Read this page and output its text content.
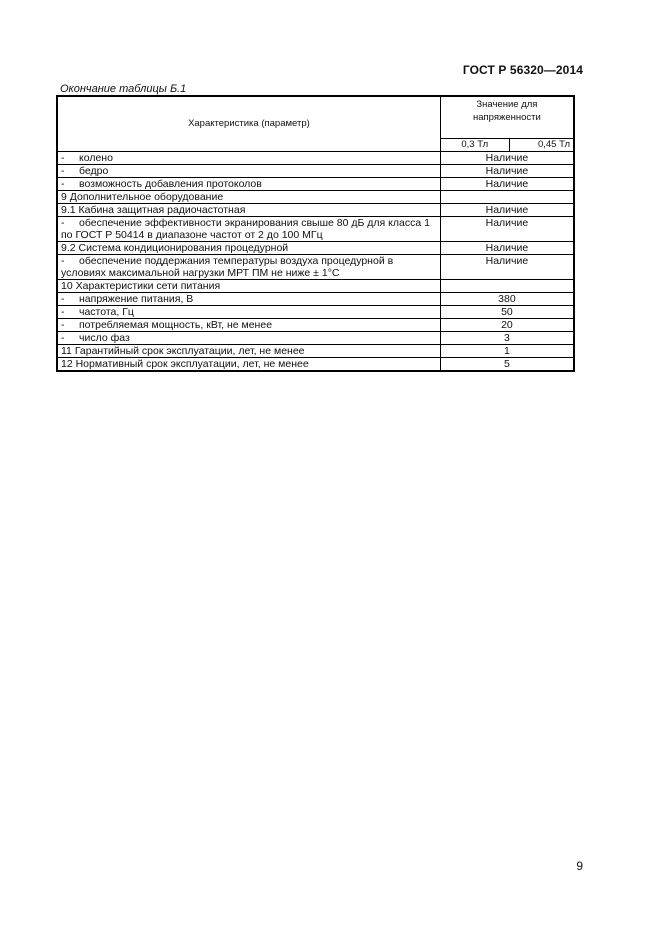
ГОСТ Р 56320—2014
Окончание таблицы Б.1
Характеристика (параметр)	Значение для напряженности	
	0,3 Тл	0,45 Тл
- колено	Наличие	
- бедро	Наличие	
- возможность добавления протоколов	Наличие	
9 Дополнительное оборудование		
9.1 Кабина защитная радиочастотная	Наличие	
- обеспечение эффективности экранирования свыше 80 дБ для класса 1 по ГОСТ Р 50414 в диапазоне частот от 2 до 100 МГц	Наличие	
9.2 Система кондиционирования процедурной	Наличие	
- обеспечение поддержания температуры воздуха процедурной в условиях максимальной нагрузки МРТ ПМ не ниже ± 1°С	Наличие	
10 Характеристики сети питания		
- напряжение питания, В	380	
- частота, Гц	50	
- потребляемая мощность, кВт, не менее	20	
- число фаз	3	
11 Гарантийный срок эксплуатации, лет, не менее	1	
12 Нормативный срок эксплуатации, лет, не менее	5	
9
